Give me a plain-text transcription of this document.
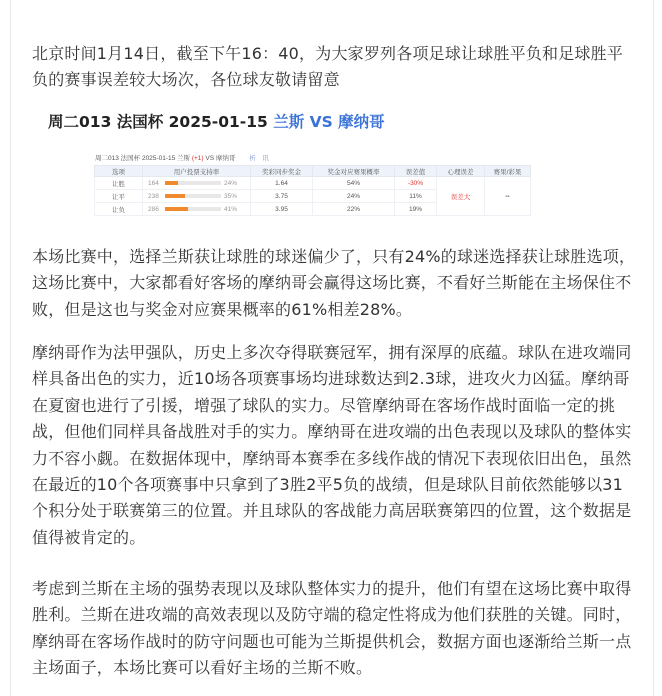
北京时间1月14日，截至下午16：40，为大家罗列各项足球让球胜平负和足球胜平负的赛事误差较大场次，各位球友敬请留意

周二013 法国杯 2025-01-15 兰斯 VS 摩纳哥

本场比赛中，选择兰斯获让球胜的球迷偏少了，只有24%的球迷选择获让球胜选项，这场比赛中，大家都看好客场的摩纳哥会赢得这场比赛，不看好兰斯能在主场保住不败，但是这也与奖金对应赛果概率的61%相差28%。

摩纳哥作为法甲强队，历史上多次夺得联赛冠军，拥有深厚的底蕴。球队在进攻端同样具备出色的实力，近10场各项赛事场均进球数达到2.3球，进攻火力凶猛。摩纳哥在夏窗也进行了引援，增强了球队的实力。尽管摩纳哥在客场作战时面临一定的挑战，但他们同样具备战胜对手的实力。摩纳哥在进攻端的出色表现以及球队的整体实力不容小觑。在数据体现中，摩纳哥本赛季在多线作战的情况下表现依旧出色，虽然在最近的10个各项赛事中只拿到了3胜2平5负的战绩，但是球队目前依然能够以31个积分处于联赛第三的位置。并且球队的客战能力高居联赛第四的位置，这个数据是值得被肯定的。

考虑到兰斯在主场的强势表现以及球队整体实力的提升，他们有望在这场比赛中取得胜利。兰斯在进攻端的高效表现以及防守端的稳定性将成为他们获胜的关键。同时，摩纳哥在客场作战时的防守问题也可能为兰斯提供机会，数据方面也逐渐给兰斯一点主场面子，本场比赛可以看好主场的兰斯不败。

周二013 法国杯 2025-01-15 兰斯 (+1) VS 摩纳哥 析　讯
选项	用户投票支持率	奖彩同步奖金	奖金对应赛果概率	误差值	心理误差	赛果/彩果
让胜	164 24%	1.64	54%	-30%	误差大	--
让平	238 35%	3.75	24%	11%		
让负	286 41%	3.95	22%	19%		
